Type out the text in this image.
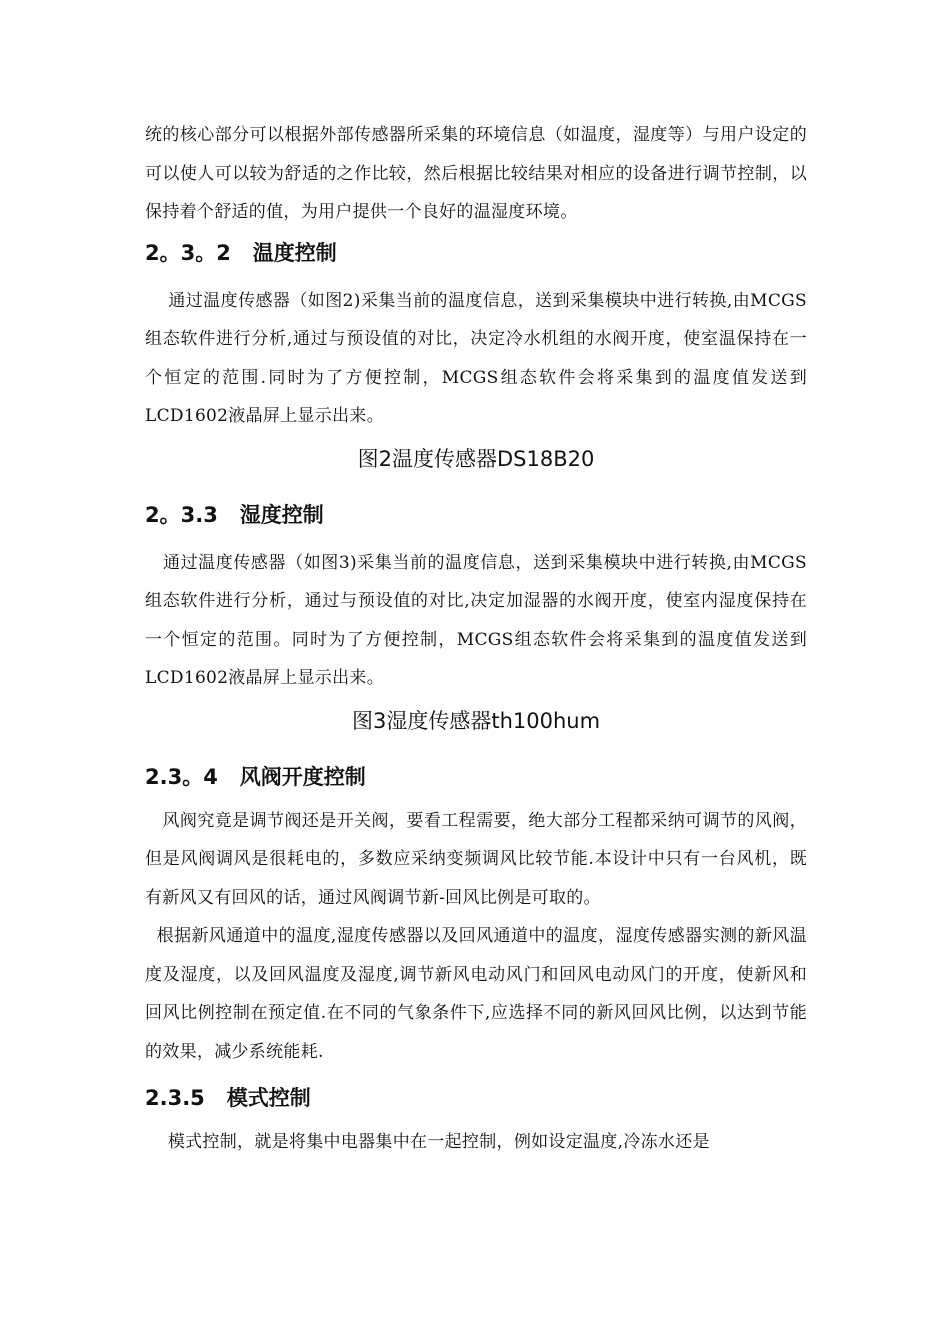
统的核心部分可以根据外部传感器所采集的环境信息（如温度，湿度等）与用户设定的可以使人可以较为舒适的之作比较，然后根据比较结果对相应的设备进行调节控制，以保持着个舒适的值，为用户提供一个良好的温湿度环境。

2。3。2   温度控制

通过温度传感器（如图2)采集当前的温度信息，送到采集模块中进行转换,由MCGS组态软件进行分析,通过与预设值的对比，决定冷水机组的水阀开度，使室温保持在一个恒定的范围.同时为了方便控制，MCGS组态软件会将采集到的温度值发送到LCD1602液晶屏上显示出来。

图2温度传感器DS18B20

2。3.3   湿度控制

通过温度传感器（如图3)采集当前的温度信息，送到采集模块中进行转换,由MCGS组态软件进行分析，通过与预设值的对比,决定加湿器的水阀开度，使室内湿度保持在一个恒定的范围。同时为了方便控制，MCGS组态软件会将采集到的温度值发送到LCD1602液晶屏上显示出来。

图3湿度传感器th100hum

2.3。4   风阀开度控制

风阀究竟是调节阀还是开关阀，要看工程需要，绝大部分工程都采纳可调节的风阀，但是风阀调风是很耗电的，多数应采纳变频调风比较节能.本设计中只有一台风机，既有新风又有回风的话，通过风阀调节新-回风比例是可取的。

根据新风通道中的温度,湿度传感器以及回风通道中的温度，湿度传感器实测的新风温度及湿度，以及回风温度及湿度,调节新风电动风门和回风电动风门的开度，使新风和回风比例控制在预定值.在不同的气象条件下,应选择不同的新风回风比例，以达到节能的效果，减少系统能耗.

2.3.5   模式控制

模式控制，就是将集中电器集中在一起控制，例如设定温度,冷冻水还是
